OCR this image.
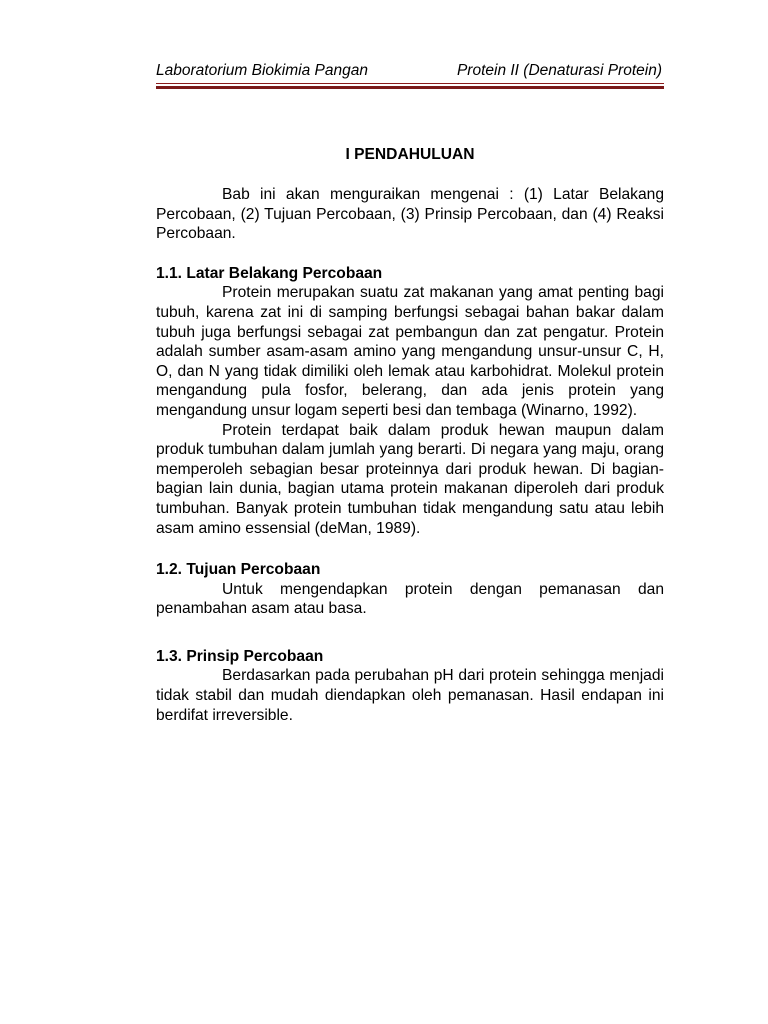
Laboratorium Biokimia Pangan	Protein II (Denaturasi Protein)
I PENDAHULUAN

Bab ini akan menguraikan mengenai : (1) Latar Belakang Percobaan, (2) Tujuan Percobaan, (3) Prinsip Percobaan, dan (4) Reaksi Percobaan.

1.1. Latar Belakang Percobaan

Protein merupakan suatu zat makanan yang amat penting bagi tubuh, karena zat ini di samping berfungsi sebagai bahan bakar dalam tubuh juga berfungsi sebagai zat pembangun dan zat pengatur. Protein adalah sumber asam-asam amino yang mengandung unsur-unsur C, H, O, dan N yang tidak dimiliki oleh lemak atau karbohidrat. Molekul protein mengandung pula fosfor, belerang, dan ada jenis protein yang mengandung unsur logam seperti besi dan tembaga (Winarno, 1992).

Protein terdapat baik dalam produk hewan maupun dalam produk tumbuhan dalam jumlah yang berarti. Di negara yang maju, orang memperoleh sebagian besar proteinnya dari produk hewan. Di bagian-bagian lain dunia, bagian utama protein makanan diperoleh dari produk tumbuhan. Banyak protein tumbuhan tidak mengandung satu atau lebih asam amino essensial (deMan, 1989).

1.2. Tujuan Percobaan

Untuk mengendapkan protein dengan pemanasan dan penambahan asam atau basa.

1.3. Prinsip Percobaan

Berdasarkan pada perubahan pH dari protein sehingga menjadi tidak stabil dan mudah diendapkan oleh pemanasan. Hasil endapan ini berdifat irreversible.
